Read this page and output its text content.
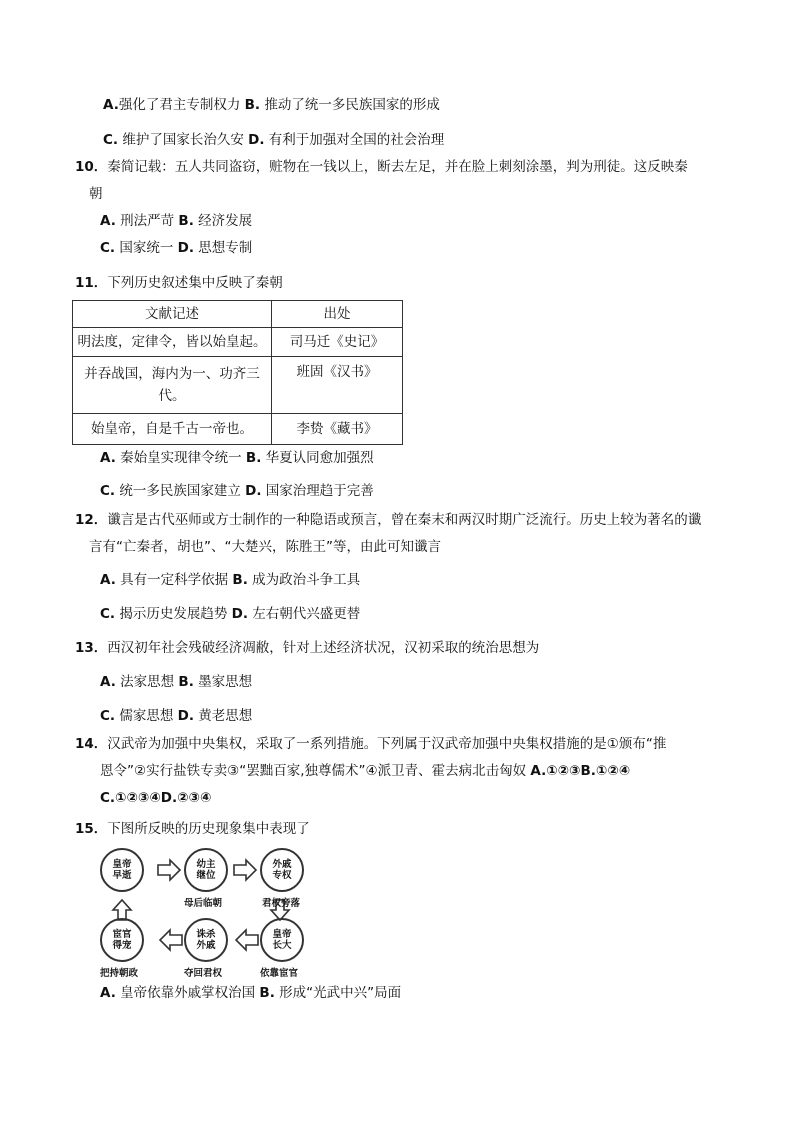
A.强化了君主专制权力 B. 推动了统一多民族国家的形成
C. 维护了国家长治久安 D. 有利于加强对全国的社会治理
10．秦简记载：五人共同盗窃，赃物在一钱以上，断去左足，并在脸上刺刻涂墨，判为刑徒。这反映秦
朝
A. 刑法严苛 B. 经济发展
C. 国家统一 D. 思想专制
11．下列历史叙述集中反映了秦朝
文献记述	出处
明法度，定律令，皆以始皇起。	司马迁《史记》
并吞战国，海内为一、功齐三代。	班固《汉书》
始皇帝，自是千古一帝也。	李贽《藏书》
A. 秦始皇实现律令统一 B. 华夏认同愈加强烈
C. 统一多民族国家建立 D. 国家治理趋于完善
12．谶言是古代巫师或方士制作的一种隐语或预言，曾在秦末和两汉时期广泛流行。历史上较为著名的谶
言有“亡秦者，胡也”、“大楚兴，陈胜王”等，由此可知谶言
A. 具有一定科学依据 B. 成为政治斗争工具
C. 揭示历史发展趋势 D. 左右朝代兴盛更替
13．西汉初年社会残破经济凋敝，针对上述经济状况，汉初采取的统治思想为
A. 法家思想 B. 墨家思想
C. 儒家思想 D. 黄老思想
14．汉武帝为加强中央集权，采取了一系列措施。下列属于汉武帝加强中央集权措施的是①颁布“推
恩令”②实行盐铁专卖③“罢黜百家,独尊儒术”④派卫青、霍去病北击匈奴 A.①②③B.①②④
C.①②③④D.②③④
15．下图所反映的历史现象集中表现了
皇帝
早逝
幼主
继位
母后临朝
外戚
专权
君权旁落
皇帝
长大
依靠宦官
诛杀
外戚
夺回君权
宦官
得宠
把持朝政
A. 皇帝依靠外戚掌权治国 B. 形成“光武中兴”局面
